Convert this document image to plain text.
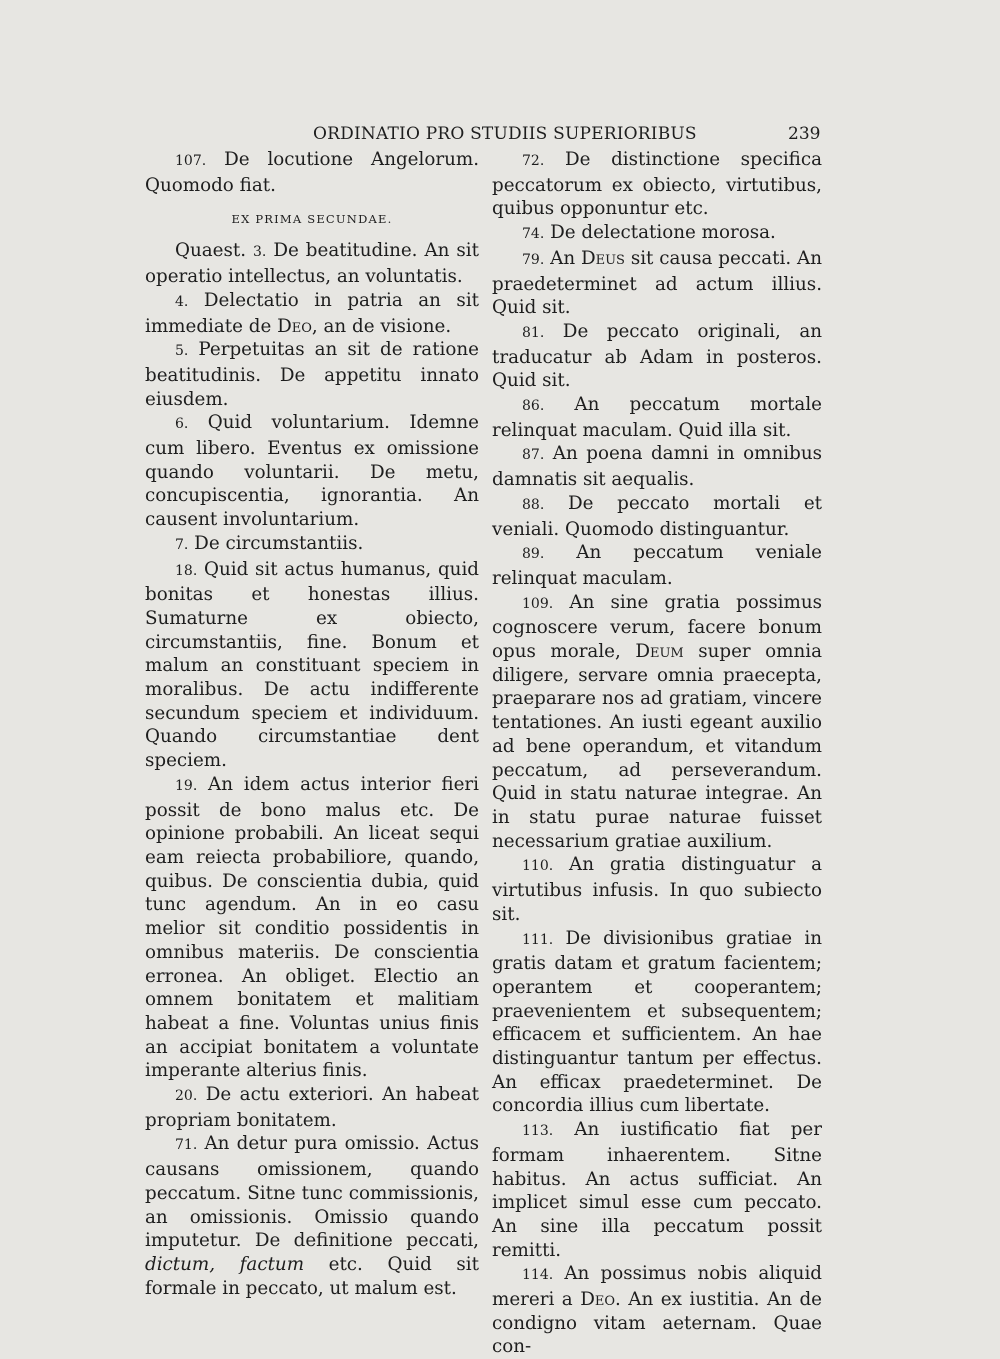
ORDINATIO PRO STUDIIS SUPERIORIBUS	239

107. De locutione Angelorum. Quomodo fiat.

EX PRIMA SECUNDAE.

Quaest. 3. De beatitudine. An sit operatio intellectus, an voluntatis.

4. Delectatio in patria an sit immediate de Deo, an de visione.

5. Perpetuitas an sit de ratione beatitudinis. De appetitu innato eiusdem.

6. Quid voluntarium. Idemne cum libero. Eventus ex omissione quando voluntarii. De metu, concupiscentia, ignorantia. An causent involuntarium.

7. De circumstantiis.

18. Quid sit actus humanus, quid bonitas et honestas illius. Sumaturne ex obiecto, circumstantiis, fine. Bonum et malum an constituant speciem in moralibus. De actu indifferente secundum speciem et individuum. Quando circumstantiae dent speciem.

19. An idem actus interior fieri possit de bono malus etc. De opinione probabili. An liceat sequi eam reiecta probabiliore, quando, quibus. De conscientia dubia, quid tunc agendum. An in eo casu melior sit conditio possidentis in omnibus materiis. De conscientia erronea. An obliget. Electio an omnem bonitatem et malitiam habeat a fine. Voluntas unius finis an accipiat bonitatem a voluntate imperante alterius finis.

20. De actu exteriori. An habeat propriam bonitatem.

71. An detur pura omissio. Actus causans omissionem, quando peccatum. Sitne tunc commissionis, an omissionis. Omissio quando imputetur. De definitione peccati, dictum, factum etc. Quid sit formale in peccato, ut malum est.

72. De distinctione specifica peccatorum ex obiecto, virtutibus, quibus opponuntur etc.

74. De delectatione morosa.

79. An Deus sit causa peccati. An praedeterminet ad actum illius. Quid sit.

81. De peccato originali, an traducatur ab Adam in posteros. Quid sit.

86. An peccatum mortale relinquat maculam. Quid illa sit.

87. An poena damni in omnibus damnatis sit aequalis.

88. De peccato mortali et veniali. Quomodo distinguantur.

89. An peccatum veniale relinquat maculam.

109. An sine gratia possimus cognoscere verum, facere bonum opus morale, Deum super omnia diligere, servare omnia praecepta, praeparare nos ad gratiam, vincere tentationes. An iusti egeant auxilio ad bene operandum, et vitandum peccatum, ad perseverandum. Quid in statu naturae integrae. An in statu purae naturae fuisset necessarium gratiae auxilium.

110. An gratia distinguatur a virtutibus infusis. In quo subiecto sit.

111. De divisionibus gratiae in gratis datam et gratum facientem; operantem et cooperantem; praevenientem et subsequentem; efficacem et sufficientem. An hae distinguantur tantum per effectus. An efficax praedeterminet. De concordia illius cum libertate.

113. An iustificatio fiat per formam inhaerentem. Sitne habitus. An actus sufficiat. An implicet simul esse cum peccato. An sine illa peccatum possit remitti.

114. An possimus nobis aliquid mereri a Deo. An ex iustitia. An de condigno vitam aeternam. Quae con-
